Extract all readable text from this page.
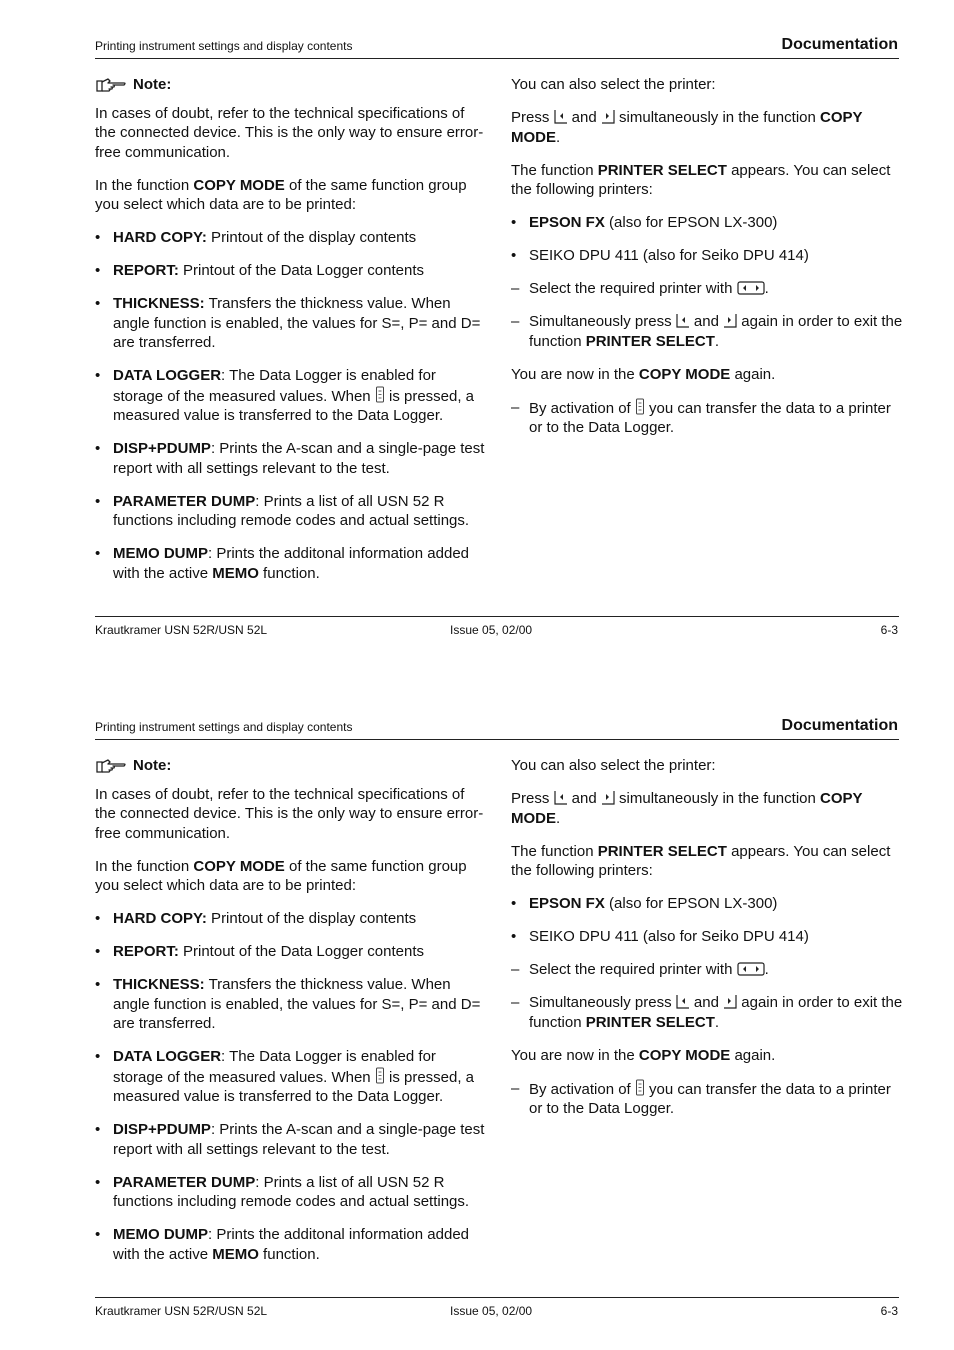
Printing instrument settings and display contents	Documentation

Note:

In cases of doubt, refer to the technical specifications of the connected device. This is the only way to ensure error-free communication.

In the function COPY MODE of the same function group you select which data are to be printed:

• HARD COPY: Printout of the display contents

• REPORT: Printout of the Data Logger contents

• THICKNESS: Transfers the thickness value. When angle function is enabled, the values for S=, P= and D= are transferred.

• DATA LOGGER: The Data Logger is enabled for storage of the measured values. When  is pressed, a measured value is transferred to the Data Logger.

• DISP+PDUMP: Prints the A-scan and a single-page test report with all settings relevant to the test.

• PARAMETER DUMP: Prints a list of all USN 52 R functions including remode codes and actual settings.

• MEMO DUMP: Prints the additonal information added with the active MEMO function.

You can also select the printer:

Press  and  simultaneously in the function COPY MODE.

The function PRINTER SELECT appears. You can select the following printers:

• EPSON FX (also for EPSON LX-300)

• SEIKO DPU 411 (also for Seiko DPU 414)

– Select the required printer with .

– Simultaneously press  and  again in order to exit the function PRINTER SELECT.

You are now in the COPY MODE again.

– By activation of  you can transfer the data to a printer or to the Data Logger.

Krautkramer USN 52R/USN 52L	Issue 05, 02/00	6-3
Printing instrument settings and display contents	Documentation

Note:

In cases of doubt, refer to the technical specifications of the connected device. This is the only way to ensure error-free communication.

In the function COPY MODE of the same function group you select which data are to be printed:

• HARD COPY: Printout of the display contents

• REPORT: Printout of the Data Logger contents

• THICKNESS: Transfers the thickness value. When angle function is enabled, the values for S=, P= and D= are transferred.

• DATA LOGGER: The Data Logger is enabled for storage of the measured values. When  is pressed, a measured value is transferred to the Data Logger.

• DISP+PDUMP: Prints the A-scan and a single-page test report with all settings relevant to the test.

• PARAMETER DUMP: Prints a list of all USN 52 R functions including remode codes and actual settings.

• MEMO DUMP: Prints the additonal information added with the active MEMO function.

You can also select the printer:

Press  and  simultaneously in the function COPY MODE.

The function PRINTER SELECT appears. You can select the following printers:

• EPSON FX (also for EPSON LX-300)

• SEIKO DPU 411 (also for Seiko DPU 414)

– Select the required printer with .

– Simultaneously press  and  again in order to exit the function PRINTER SELECT.

You are now in the COPY MODE again.

– By activation of  you can transfer the data to a printer or to the Data Logger.

Krautkramer USN 52R/USN 52L	Issue 05, 02/00	6-3
